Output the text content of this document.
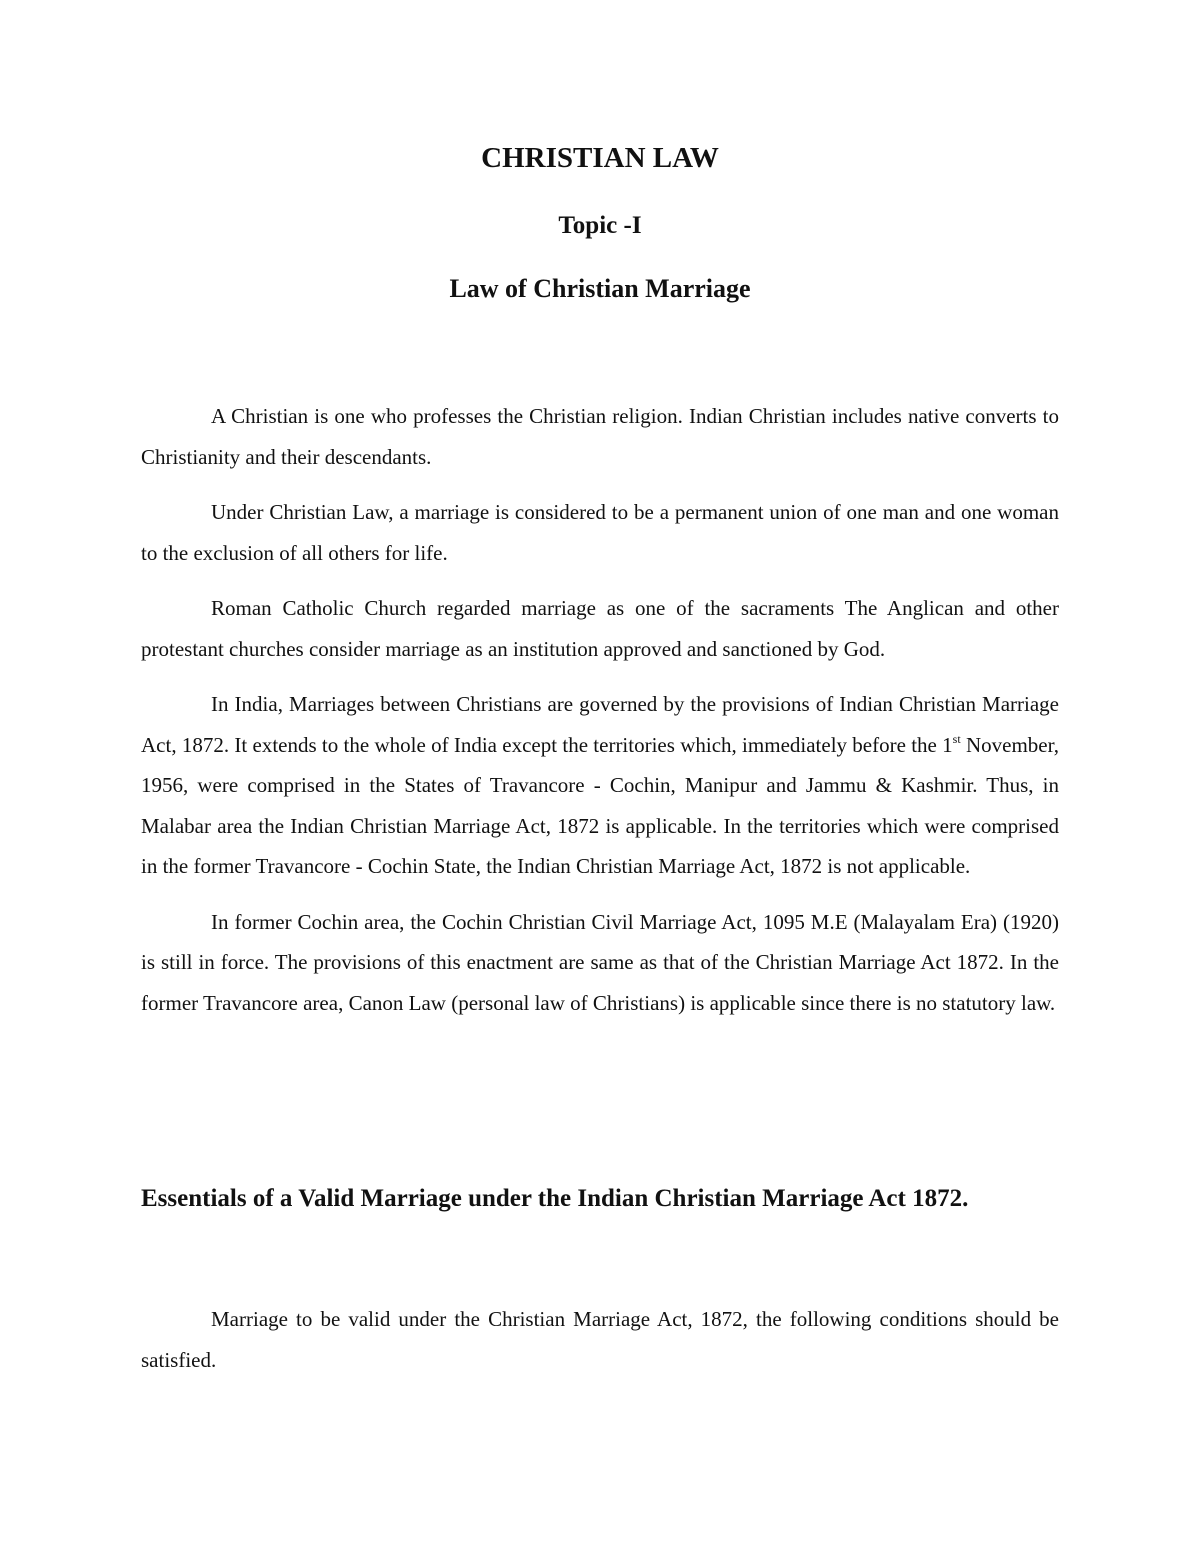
CHRISTIAN LAW
Topic -I
Law of Christian Marriage

A Christian is one who professes the Christian religion. Indian Christian includes native converts to Christianity and their descendants.

Under Christian Law, a marriage is considered to be a permanent union of one man and one woman to the exclusion of all others for life.

Roman Catholic Church regarded marriage as one of the sacraments The Anglican and other protestant churches consider marriage as an institution approved and sanctioned by God.

In India, Marriages between Christians are governed by the provisions of Indian Christian Marriage Act, 1872. It extends to the whole of India except the territories which, immediately before the 1st November, 1956, were comprised in the States of Travancore - Cochin, Manipur and Jammu & Kashmir. Thus, in Malabar area the Indian Christian Marriage Act, 1872 is applicable. In the territories which were comprised in the former Travancore - Cochin State, the Indian Christian Marriage Act, 1872 is not applicable.

In former Cochin area, the Cochin Christian Civil Marriage Act, 1095 M.E (Malayalam Era) (1920) is still in force. The provisions of this enactment are same as that of the Christian Marriage Act 1872. In the former Travancore area, Canon Law (personal law of Christians) is applicable since there is no statutory law.

Essentials of a Valid Marriage under the Indian Christian Marriage Act 1872.

Marriage to be valid under the Christian Marriage Act, 1872, the following conditions should be satisfied.
